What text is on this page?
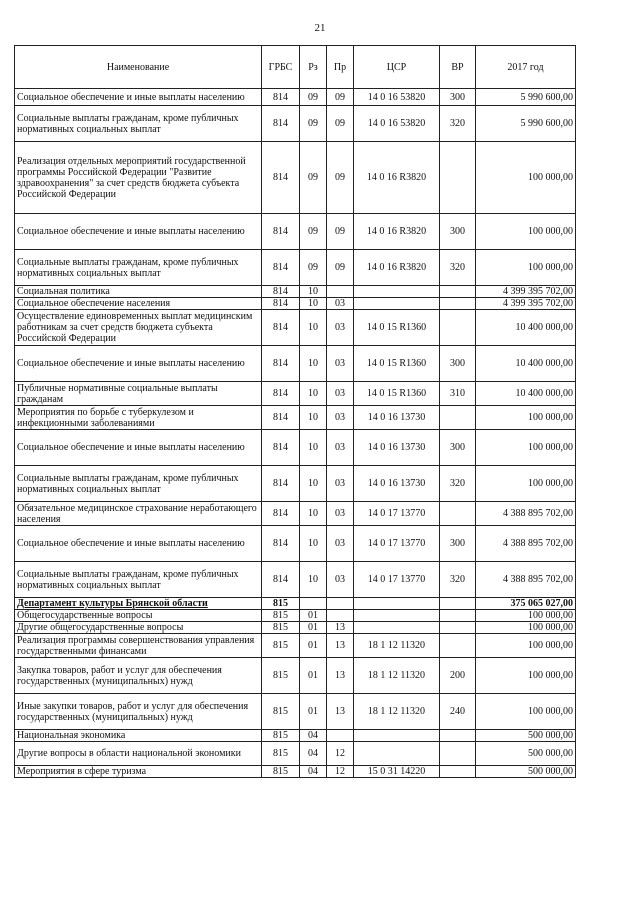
21
Наименование	ГРБС	Рз	Пр	ЦСР	ВР	2017 год
Социальное обеспечение и иные выплаты населению	814	09	09	14 0 16 53820	300	5 990 600,00
Социальные выплаты гражданам, кроме публичных нормативных социальных выплат	814	09	09	14 0 16 53820	320	5 990 600,00
Реализация отдельных мероприятий государственной программы Российской Федерации "Развитие здравоохранения" за счет средств бюджета субъекта Российской Федерации	814	09	09	14 0 16 R3820		100 000,00
Социальное обеспечение и иные выплаты населению	814	09	09	14 0 16 R3820	300	100 000,00
Социальные выплаты гражданам, кроме публичных нормативных социальных выплат	814	09	09	14 0 16 R3820	320	100 000,00
Социальная политика	814	10				4 399 395 702,00
Социальное обеспечение населения	814	10	03			4 399 395 702,00
Осуществление единовременных выплат медицинским работникам за счет средств бюджета субъекта Российской Федерации	814	10	03	14 0 15 R1360		10 400 000,00
Социальное обеспечение и иные выплаты населению	814	10	03	14 0 15 R1360	300	10 400 000,00
Публичные нормативные социальные выплаты гражданам	814	10	03	14 0 15 R1360	310	10 400 000,00
Мероприятия по борьбе с туберкулезом и инфекционными заболеваниями	814	10	03	14 0 16 13730		100 000,00
Социальное обеспечение и иные выплаты населению	814	10	03	14 0 16 13730	300	100 000,00
Социальные выплаты гражданам, кроме публичных нормативных социальных выплат	814	10	03	14 0 16 13730	320	100 000,00
Обязательное медицинское страхование неработающего населения	814	10	03	14 0 17 13770		4 388 895 702,00
Социальное обеспечение и иные выплаты населению	814	10	03	14 0 17 13770	300	4 388 895 702,00
Социальные выплаты гражданам, кроме публичных нормативных социальных выплат	814	10	03	14 0 17 13770	320	4 388 895 702,00
Департамент культуры Брянской области	815					375 065 027,00
Общегосударственные вопросы	815	01				100 000,00
Другие общегосударственные вопросы	815	01	13			100 000,00
Реализация программы совершенствования управления государственными финансами	815	01	13	18 1 12 11320		100 000,00
Закупка товаров, работ и услуг для обеспечения государственных (муниципальных) нужд	815	01	13	18 1 12 11320	200	100 000,00
Иные закупки товаров, работ и услуг для обеспечения государственных (муниципальных) нужд	815	01	13	18 1 12 11320	240	100 000,00
Национальная экономика	815	04				500 000,00
Другие вопросы в области национальной экономики	815	04	12			500 000,00
Мероприятия в сфере туризма	815	04	12	15 0 31 14220		500 000,00
